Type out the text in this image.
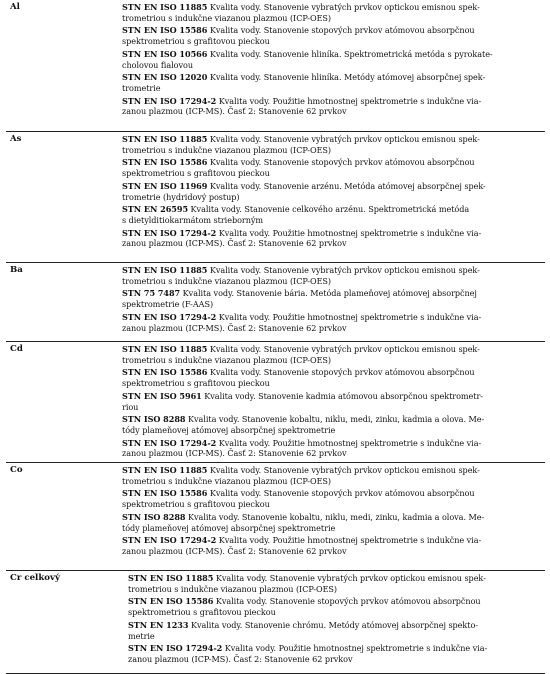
Al	STN EN ISO 11885 Kvalita vody. Stanovenie vybratých prvkov optickou emisnou spek-
trometriou s indukčne viazanou plazmou (ICP-OES)
STN EN ISO 15586 Kvalita vody. Stanovenie stopových prvkov atómovou absorpčnou
spektrometriou s grafitovou pieckou
STN EN ISO 10566 Kvalita vody. Stanovenie hliníka. Spektrometrická metóda s pyrokate-
cholovou fialovou
STN EN ISO 12020 Kvalita vody. Stanovenie hliníka. Metódy atómovej absorpčnej spek-
trometrie
STN EN ISO 17294-2 Kvalita vody. Použitie hmotnostnej spektrometrie s indukčne via-
zanou plazmou (ICP-MS). Časť 2: Stanovenie 62 prvkov
As	STN EN ISO 11885 Kvalita vody. Stanovenie vybratých prvkov optickou emisnou spek-
trometriou s indukčne viazanou plazmou (ICP-OES)
STN EN ISO 15586 Kvalita vody. Stanovenie stopových prvkov atómovou absorpčnou
spektrometriou s grafitovou pieckou
STN EN ISO 11969 Kvalita vody. Stanovenie arzénu. Metóda atómovej absorpčnej spek-
trometrie (hydridový postup)
STN EN 26595 Kvalita vody. Stanovenie celkového arzénu. Spektrometrická metóda
s dietylditiokarmátom strieborným
STN EN ISO 17294-2 Kvalita vody. Použitie hmotnostnej spektrometrie s indukčne via-
zanou plazmou (ICP-MS). Časť 2: Stanovenie 62 prvkov
Ba	STN EN ISO 11885 Kvalita vody. Stanovenie vybratých prvkov optickou emisnou spek-
trometriou s indukčne viazanou plazmou (ICP-OES)
STN 75 7487 Kvalita vody. Stanovenie bária. Metóda plameňovej atómovej absorpčnej
spektrometrie (F-AAS)
STN EN ISO 17294-2 Kvalita vody. Použitie hmotnostnej spektrometrie s indukčne via-
zanou plazmou (ICP-MS). Časť 2: Stanovenie 62 prvkov
Cd	STN EN ISO 11885 Kvalita vody. Stanovenie vybratých prvkov optickou emisnou spek-
trometriou s indukčne viazanou plazmou (ICP-OES)
STN EN ISO 15586 Kvalita vody. Stanovenie stopových prvkov atómovou absorpčnou
spektrometriou s grafitovou pieckou
STN EN ISO 5961 Kvalita vody. Stanovenie kadmia atómovou absorpčnou spektrometr-
riou
STN ISO 8288 Kvalita vody. Stanovenie kobaltu, niklu, medi, zinku, kadmia a olova. Me-
tódy plameňovej atómovej absorpčnej spektrometrie
STN EN ISO 17294-2 Kvalita vody. Použitie hmotnostnej spektrometrie s indukčne via-
zanou plazmou (ICP-MS). Časť 2: Stanovenie 62 prvkov
Co	STN EN ISO 11885 Kvalita vody. Stanovenie vybratých prvkov optickou emisnou spek-
trometriou s indukčne viazanou plazmou (ICP-OES)
STN EN ISO 15586 Kvalita vody. Stanovenie stopových prvkov atómovou absorpčnou
spektrometriou s grafitovou pieckou
STN ISO 8288 Kvalita vody. Stanovenie kobaltu, niklu, medi, zinku, kadmia a olova. Me-
tódy plameňovej atómovej absorpčnej spektrometrie
STN EN ISO 17294-2 Kvalita vody. Použitie hmotnostnej spektrometrie s indukčne via-
zanou plazmou (ICP-MS). Časť 2: Stanovenie 62 prvkov
Cr celkový	STN EN ISO 11885 Kvalita vody. Stanovenie vybratých prvkov optickou emisnou spek-
trometriou s indukčne viazanou plazmou (ICP-OES)
STN EN ISO 15586 Kvalita vody. Stanovenie stopových prvkov atómovou absorpčnou
spektrometriou s grafitovou pieckou
STN EN 1233 Kvalita vody. Stanovenie chrómu. Metódy atómovej absorpčnej spekto-
metrie
STN EN ISO 17294-2 Kvalita vody. Použitie hmotnostnej spektrometrie s indukčne via-
zanou plazmou (ICP-MS). Časť 2: Stanovenie 62 prvkov
